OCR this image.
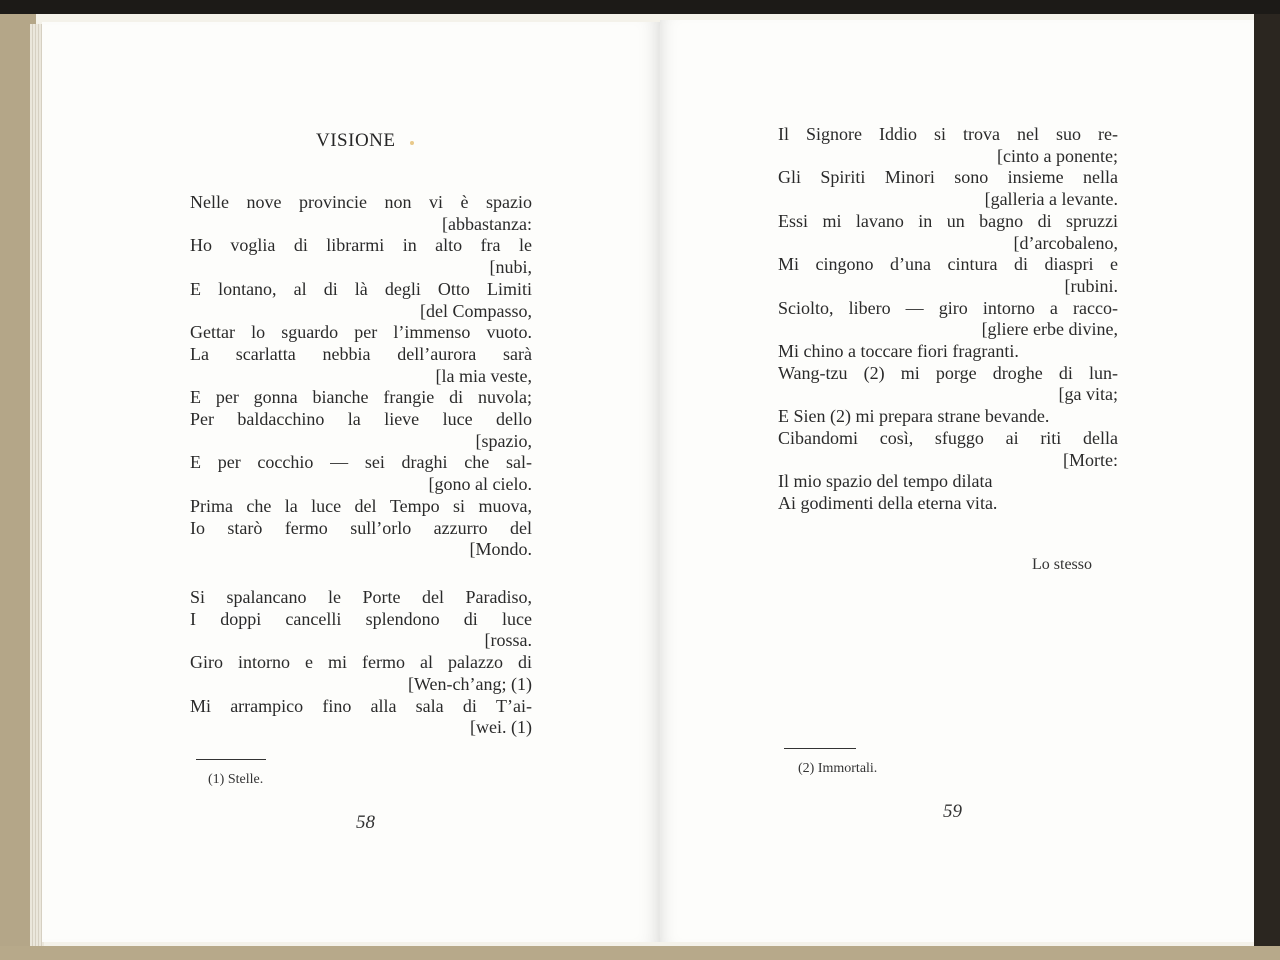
VISIONE
Nelle nove provincie non vi è spazio
[abbastanza:
Ho voglia di librarmi in alto fra le
[nubi,
E lontano, al di là degli Otto Limiti
[del Compasso,
Gettar lo sguardo per l’immenso vuoto.
La scarlatta nebbia dell’aurora sarà
[la mia veste,
E per gonna bianche frangie di nuvola;
Per baldacchino la lieve luce dello
[spazio,
E per cocchio — sei draghi che sal-
[gono al cielo.
Prima che la luce del Tempo si muova,
Io starò fermo sull’orlo azzurro del
[Mondo.
Si spalancano le Porte del Paradiso,
I doppi cancelli splendono di luce
[rossa.
Giro intorno e mi fermo al palazzo di
[Wen-ch’ang; (1)
Mi arrampico fino alla sala di T’ai-
[wei. (1)
(1) Stelle.
58
Il Signore Iddio si trova nel suo re-
[cinto a ponente;
Gli Spiriti Minori sono insieme nella
[galleria a levante.
Essi mi lavano in un bagno di spruzzi
[d’arcobaleno,
Mi cingono d’una cintura di diaspri e
[rubini.
Sciolto, libero — giro intorno a racco-
[gliere erbe divine,
Mi chino a toccare fiori fragranti.
Wang-tzu (2) mi porge droghe di lun-
[ga vita;
E Sien (2) mi prepara strane bevande.
Cibandomi così, sfuggo ai riti della
[Morte:
Il mio spazio del tempo dilata
Ai godimenti della eterna vita.
Lo stesso
(2) Immortali.
59
